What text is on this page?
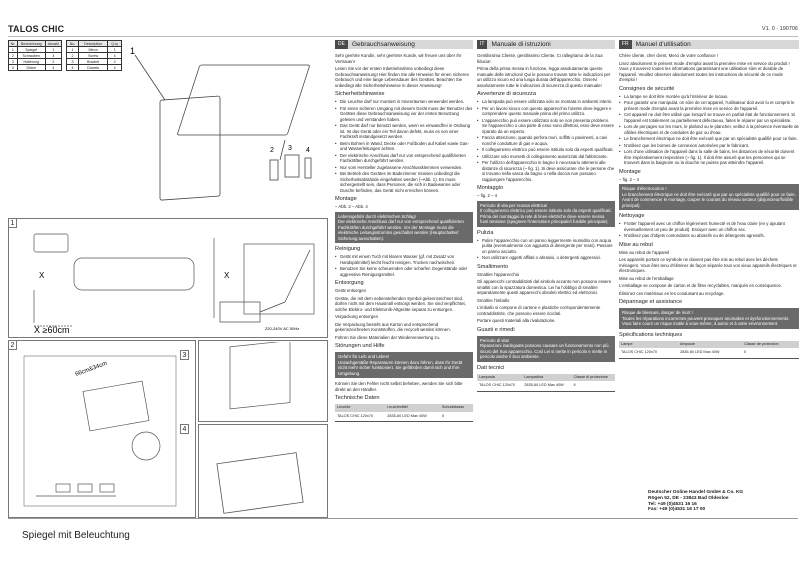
TALOS CHIC	V1. 0 · 190706
Nr.	Bezeichnung	Anzahl
1	Spiegel	1
2	Schrauben	4
3	Halterung	2
4	Dübel	4
No.	Description	Q-ty
1	Mirror	1
2	Screw	4
3	Bracket	2
4	Dowels	4
1
2 3 4
1
X	X
X ≥60cm	220-240V AC 50Hz
2
66cm&34cm
3
4
DE	Gebrauchsanweisung

Sehr geehrte Kundin, sehr geehrter Kunde, wir freuen uns über Ihr Vertrauen!

Lesen Sie vor der ersten Inbetriebnahme unbedingt diese Gebrauchsanweisung! Hier finden Sie alle Hinweise für einen sicheren Gebrauch und eine lange Lebensdauer des Gerätes. Beachten Sie unbedingt alle Sicherheitshinweise in dieser Anweisung!

Sicherheitshinweise
• Die Leuchte darf nur montiert in Innenräumen verwendet werden.
• Für einen sicheren Umgang mit diesem Gerät muss der Benutzer des Gerätes diese Gebrauchsanweisung vor der ersten Benutzung gelesen und verstanden haben.
• Das Gerät darf nur benutzt werden, wenn es einwandfrei in Ordnung ist. Ist das Gerät oder ein Teil davon defekt, muss es von einer Fachkraft instandgesetzt werden.
• Beim Bohren in Wand, Decke oder Fußboden auf Kabel sowie Gas- und Wasserleitungen achten.
• Der elektrische Anschluss darf nur von entsprechend qualifizierten Fachkräften durchgeführt werden.
• Nur vom Hersteller zugelassene Anschlussklemmen verwenden.
• Bei Betrieb des Gerätes im Badezimmer müssen unbedingt die Sicherheitsabstände eingehalten werden (~Abb. 1). Es muss sichergestellt sein, dass Personen, die sich in Badewanne oder Dusche befinden, das Gerät nicht erreichen können.
Montage

– Abb. 2 – Abb. 4

Lebensgefahr durch elektrischen Schlag!
Der elektrische Anschluss darf nur von entsprechend qualifizierten Fachkräften durchgeführt werden. Vor der Montage muss die elektrische Leitungsstromlos geschaltet werden (Hauptschalter/ Sicherung ausschalten).
Reinigung
• Gerät mit einem Tuch mit klarem Wasser (gf. mit Zusatz von Handspülmittel) leicht feucht reinigen. Trocken nachwischen.
• Benutzen Sie keine scheuernden oder scharfen Gegenstände oder aggressive Reinigungsmittel.
Entsorgung

Gerät entsorgen

Geräte, die mit dem nebenstehenden Symbol gekennzeichnet sind, dürfen nicht mit dem Hausmüll entsorgt werden. Sie sind verpflichtet, solche Elektro- und Elektronik-Altgeräte separat zu entsorgen.

Verpackung entsorgen

Die Verpackung besteht aus Karton und entsprechend gekennzeichneten Kunststoffen, die recycelt werden können.

Führen Sie diese Materialien der Wiederverwertung zu.

Störungen und Hilfe
Gefahr für Leib und Leben!
Unsachgemäße Reparaturen können dazu führen, dass Ihr Gerät nicht mehr sicher funktioniert. Sie gefährden damit sich und Ihre Umgebung.

Können Sie den Fehler nicht selbst beheben, wenden Sie sich bitte direkt an den Händler.

Technische Daten
Leuchte	Leuchtmittel	Schutzklasse
TALOS CHIC 120x70	2835-60 LED Max 40W	II
IT	Manuale di istruzioni

Gentilissima Cliente, gentilissimo Cliente, Ci rallegriamo de la Sua fiducia!

Prima della prima messa in funzione, legga assolutamente questo manuale delle istruzioni! Qui le possono trovare tutte le indicazioni per un utilizzo sicuro ed una lunga durata dell'apparecchio. Osservi assolutamente tutte le indicazioni di sicurezza di questo manuale!

Avvertenze di sicurezza
• La lampada può essere utilizzata solo se montata in ambienti interni.
• Per un lavoro sicuro con questo apparecchio l'utente deve leggere e comprendere questo manuale prima del primo utilizzo.
• L'apparecchio può essere utilizzato solo se non presenta problemi. Se l'apparecchio o una parte di esso sono difettosi, esso deve essere riparato da un esperto.
• Faccia attenzione, quando perfora muri, soffitti o pavimenti, a cavi nonché condutture di gas e acqua.
• Il collegamento elettrico può essere istituito solo da esperti qualificati.
• Utilizzare solo morsetti di collegamento autorizzati dal fabbricante.
• Per l'utilizzo dell'apparecchio in bagno è necessario attenersi alle distanze di sicurezza (~ fig. 1). Si deve assicurare che le persone che si trovano nella vasca da bagno o nella doccia non possano raggiungere l'apparecchio.
Montaggio

– fig. 2 – 4

Pericolo di vita per scossa elettrica!
Il collegamento elettrico può essere istituito solo da esperti qualificati. Prima del montaggio la rete di linee elettriche deve essere messa fuori tensione (spegnere l'interruttore principale/i fusibile principale).
Pulizia
• Pulire l'apparecchio con un panno leggermente inumidito con acqua pulita (eventualmente con aggiunta di detergente per mani). Passare un panno asciutto.
• Non utilizzare oggetti affilati o abrasivi, o detergenti aggressivi.
Smaltimento

Smaltire l'apparecchio

Gli apparecchi contraddistinti dal simbolo accanto non possono essere smaltiti con la spazzatura domestica. Lei ha l'obbligo di smaltire separatamente questi apparecchi obsoleti elettrici ed elettronici.

Smaltire l'imballo

L'imballo si compone di cartone e plastiche corrispondentemente contraddistinte, che possono essere riciclati.

Portare questi materiali alla rivalutazione.

Guasti e rimedi
Pericolo di vita!
Riparazioni inadeguate possono causare un funzionamento non più sicuro del Suo apparecchio. Così Lei si mette in pericolo e mette in pericolo anche il Suo ambiente.
Dati tecnici
Lampada	Lampadina	Classe di protezione
TALOS CHIC 120x70	2835-60 LED Max 40W	II
FR	Manuel d'utilisation

Chère cliente, cher client, Merci de votre confiance !

Lisez absolument le présent mode d'emploi avant la première mise en service du produit ! Vous y trouverez toutes les informations garantissant une utilisation sûre et durable de l'appareil. Veuillez observer absolument toutes les instructions de sécurité de ce mode d'emploi !

Consignes de sécurité
• La lampe ne doit être montée qu'à l'intérieur de locaux.
• Pour garantir une manipulat. on sûre de cet appareil, l'utilisateur doit avoir lu et compris le présent mode d'emploi avant la première mise en service de l'appareil.
• Cet appareil ne doit être utilisé que lorsqu'il se trouve en parfait état de fonctionnement. Si l'appareil est totalement ou partiellement défectueux, faites le réparer par un spécialiste.
• Lors de perçages sur les murs, le plafond ou le plancher, veillez à la présence éventuelle de câbles électriques et de conduites de gaz ou d'eau.
• Le branchement électrique ne doit être exécuté que par un spécialiste qualifié pour ce faire.
• N'utilisez que les bornes de connexion autorisées par le fabricant.
• Lors d'une utilisation de l'appareil dans la salle de bains, les distances de sécurité doivent être impérativement respectées (~ fig. 1). Il doit être assuré que les personnes qui se trouvent dans la baignoire ou la douche ne puisse pas atteindre l'appareil.
Montage

– fig. 2 – 4

Risque d'électrocution !
Le branchement électrique ne doit être exécuté que par un spécialiste qualifié pour ce faire. Avant de commencer le montage, couper le courant du réseau secteur (disjoncteur/fusible principal).
Nettoyage
• Frotter l'appareil avec un chiffon légèrement humecté et de l'eau claire (en y ajoutant éventuellement un peu de produit). Essuyer avec un chiffon sec.
• N'utilisez pas d'objets contondants ou abrasifs ou de détergents agressifs.
Mise au rebut

Mise au rebut de l'appareil

Les appareils portant ce symbole ne doivent pas être mis au rebut avec les déchets ménagers. Vous êtes tenu d'éliminer de façon séparée tous vos vieux appareils électriques et électroniques.

Mise au rebut de l'emballage

L'emballage se compose de carton et de films recyclables, marqués en conséquence.

Éliminez ces matériaux en les conduisant au recyclage.

Dépannage et assistance
Risque de blessure, danger de mort !
Toutes les réparations incorrectes peuvent provoquer anomalies et dysfonctionnements. Vous faire courir un risque inutile à vous-même, à autrui et à votre environnement.
Spécifications techniques
Lampe	Ampoule	Classe de protection
TALOS CHIC 120x70	2835-60 LED Max 40W	II
Deutscher Online Handel GmbH & Co. KG
Rögen 52, DE - 23843 Bad Oldesloe
Tel: +49 (0)4531 16 16
Fax: +49 (0)4531 16 17 00
Spiegel mit Beleuchtung
